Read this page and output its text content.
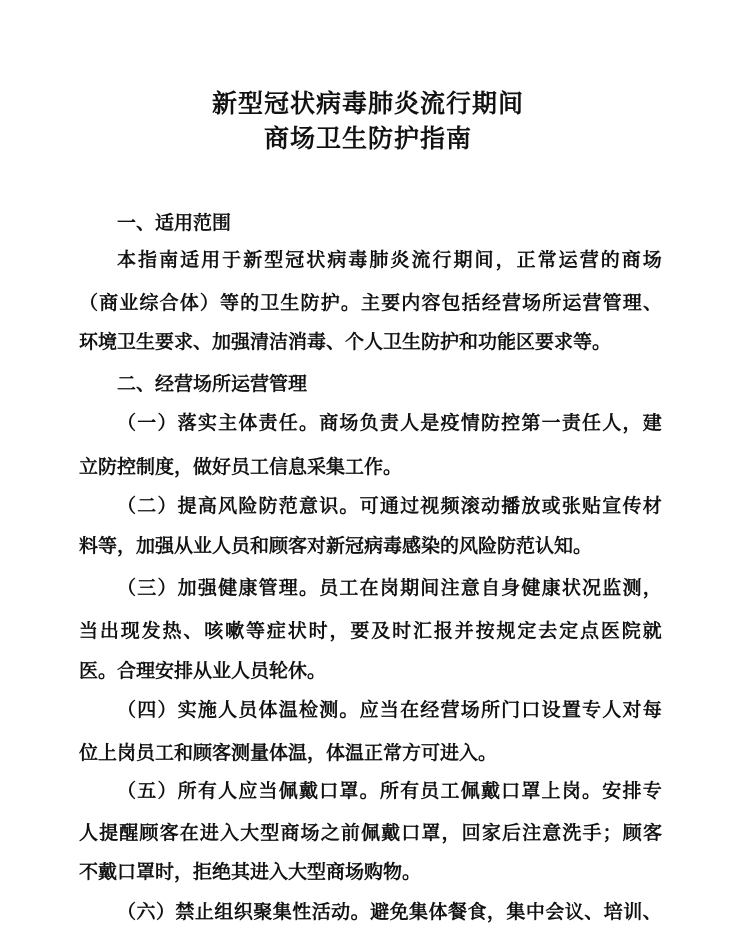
新型冠状病毒肺炎流行期间
商场卫生防护指南
一、适用范围
本 指 南 适 用 于 新 型 冠 状 病 毒 肺 炎 流 行 期 间 ， 正 常 运 营 的 商 场
（ 商 业 综 合 体 ） 等 的 卫 生 防 护 。 主 要 内 容 包 括 经 营 场 所 运 营 管 理 、
环境卫生要求、加强清洁消毒、个人卫生防护和功能区要求等。
二、经营场所运营管理
（ 一 ） 落 实 主 体 责 任 。 商 场 负 责 人 是 疫 情 防 控 第 一 责 任 人 ， 建
立防控制度，做好员工信息采集工作。
（ 二 ） 提 高 风 险 防 范 意 识 。 可 通 过 视 频 滚 动 播 放 或 张 贴 宣 传 材
料等，加强从业人员和顾客对新冠病毒感染的风险防范认知。
（ 三 ） 加 强 健 康 管 理 。 员 工 在 岗 期 间 注 意 自 身 健 康 状 况 监 测 ，
当 出 现 发 热 、 咳 嗽 等 症 状 时 ， 要 及 时 汇 报 并 按 规 定 去 定 点 医 院 就
医。合理安排从业人员轮休。
（ 四 ） 实 施 人 员 体 温 检 测 。 应 当 在 经 营 场 所 门 口 设 置 专 人 对 每
位上岗员工和顾客测量体温，体温正常方可进入。
（ 五 ） 所 有 人 应 当 佩 戴 口 罩 。 所 有 员 工 佩 戴 口 罩 上 岗 。 安 排 专
人 提 醒 顾 客 在 进 入 大 型 商 场 之 前 佩 戴 口 罩 ， 回 家 后 注 意 洗 手 ； 顾 客
不戴口罩时，拒绝其进入大型商场购物。
（ 六 ） 禁 止 组 织 聚 集 性 活 动 。 避 免 集 体 餐 食 ， 集 中 会 议 、 培 训 、
